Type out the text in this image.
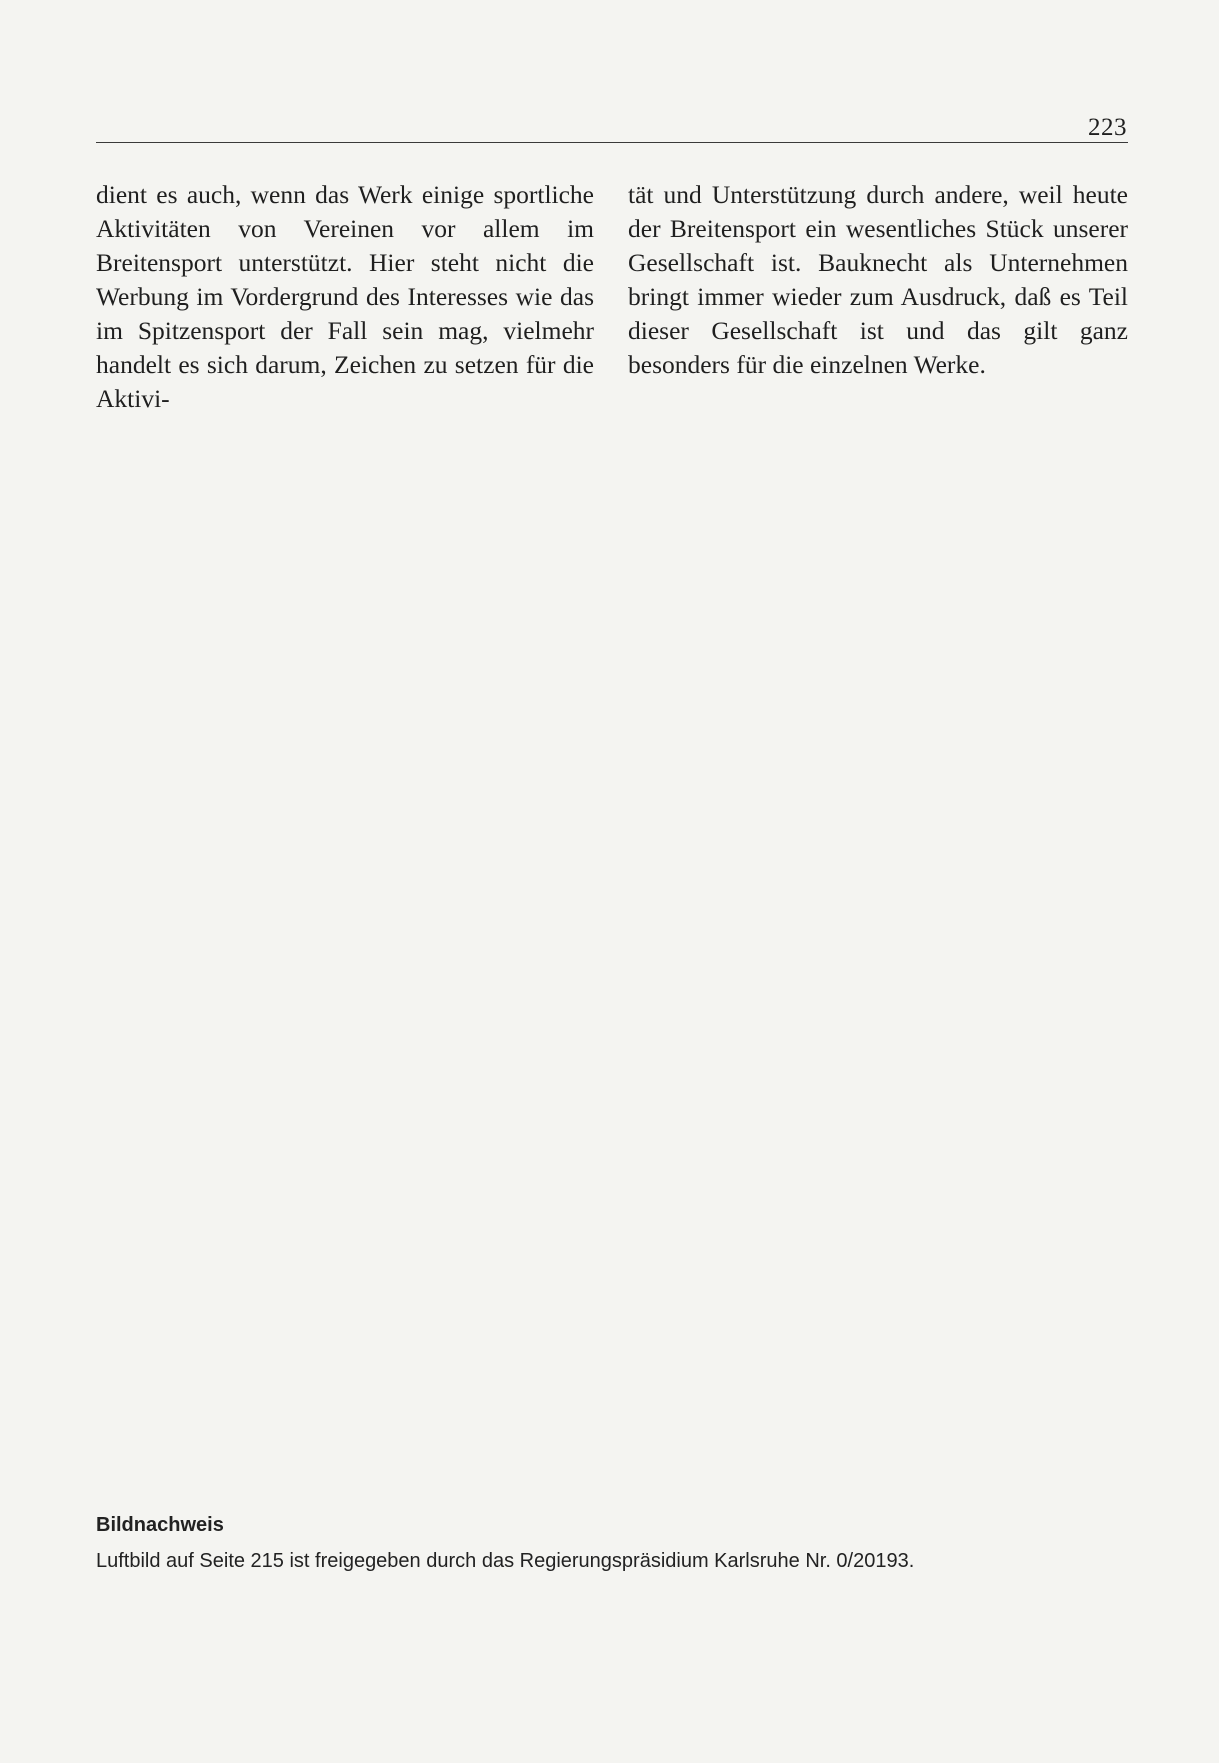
223
dient es auch, wenn das Werk einige sportliche Aktivitäten von Vereinen vor allem im Breitensport unterstützt. Hier steht nicht die Werbung im Vordergrund des Interesses wie das im Spitzensport der Fall sein mag, vielmehr handelt es sich darum, Zeichen zu setzen für die Aktivi-
tät und Unterstützung durch andere, weil heute der Breitensport ein wesentliches Stück unserer Gesellschaft ist. Bauknecht als Unternehmen bringt immer wieder zum Ausdruck, daß es Teil dieser Gesellschaft ist und das gilt ganz besonders für die einzelnen Werke.

Bildnachweis

Luftbild auf Seite 215 ist freigegeben durch das Regierungspräsidium Karlsruhe Nr. 0/20193.
